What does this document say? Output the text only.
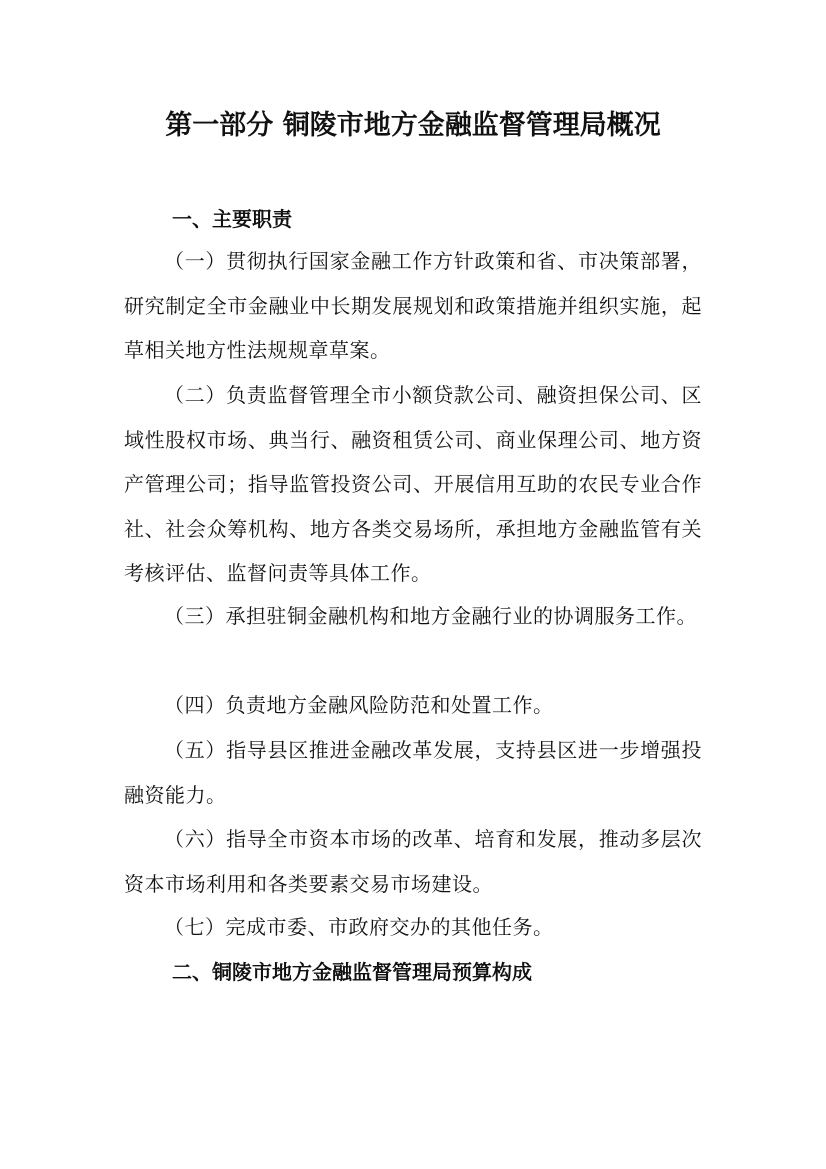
第一部分 铜陵市地方金融监督管理局概况
一、主要职责
（一）贯彻执行国家金融工作方针政策和省、市决策部署，研究制定全市金融业中长期发展规划和政策措施并组织实施，起草相关地方性法规规章草案。
（二）负责监督管理全市小额贷款公司、融资担保公司、区域性股权市场、典当行、融资租赁公司、商业保理公司、地方资产管理公司；指导监管投资公司、开展信用互助的农民专业合作社、社会众筹机构、地方各类交易场所，承担地方金融监管有关考核评估、监督问责等具体工作。
（三）承担驻铜金融机构和地方金融行业的协调服务工作。
（四）负责地方金融风险防范和处置工作。
（五）指导县区推进金融改革发展，支持县区进一步增强投融资能力。
（六）指导全市资本市场的改革、培育和发展，推动多层次资本市场利用和各类要素交易市场建设。
（七）完成市委、市政府交办的其他任务。
二、铜陵市地方金融监督管理局预算构成
